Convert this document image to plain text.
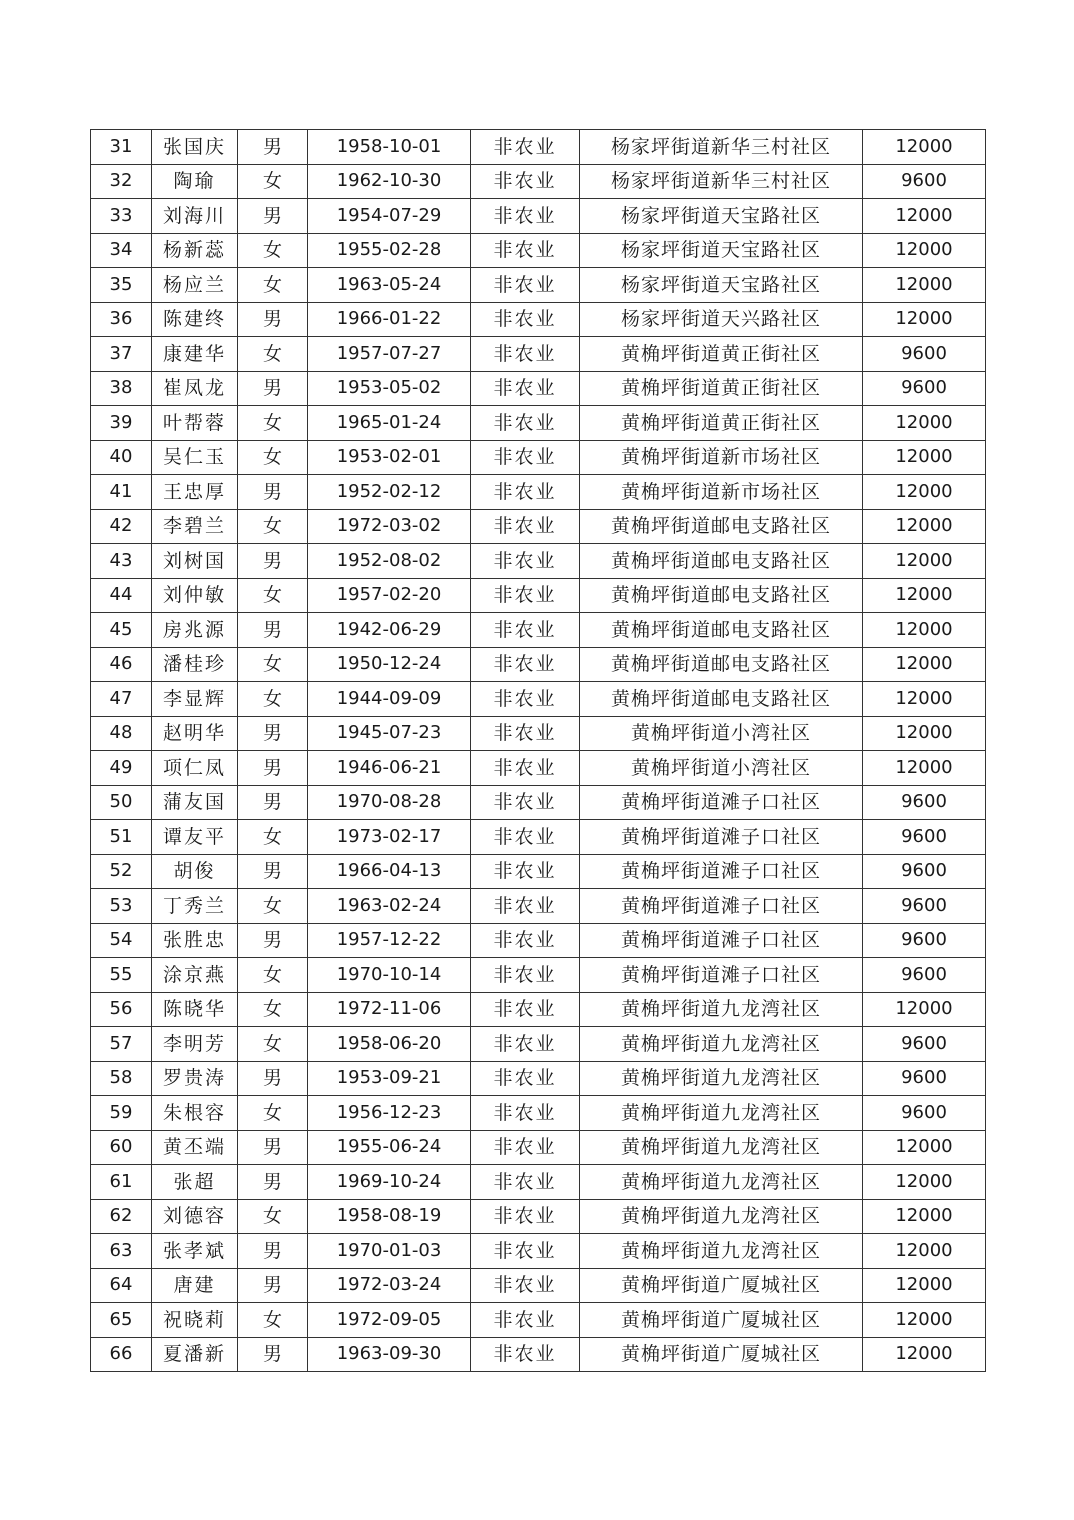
31	张国庆	男	1958-10-01	非农业	杨家坪街道新华三村社区	12000
32	陶瑜	女	1962-10-30	非农业	杨家坪街道新华三村社区	9600
33	刘海川	男	1954-07-29	非农业	杨家坪街道天宝路社区	12000
34	杨新蕊	女	1955-02-28	非农业	杨家坪街道天宝路社区	12000
35	杨应兰	女	1963-05-24	非农业	杨家坪街道天宝路社区	12000
36	陈建终	男	1966-01-22	非农业	杨家坪街道天兴路社区	12000
37	康建华	女	1957-07-27	非农业	黄桷坪街道黄正街社区	9600
38	崔凤龙	男	1953-05-02	非农业	黄桷坪街道黄正街社区	9600
39	叶帮蓉	女	1965-01-24	非农业	黄桷坪街道黄正街社区	12000
40	吴仁玉	女	1953-02-01	非农业	黄桷坪街道新市场社区	12000
41	王忠厚	男	1952-02-12	非农业	黄桷坪街道新市场社区	12000
42	李碧兰	女	1972-03-02	非农业	黄桷坪街道邮电支路社区	12000
43	刘树国	男	1952-08-02	非农业	黄桷坪街道邮电支路社区	12000
44	刘仲敏	女	1957-02-20	非农业	黄桷坪街道邮电支路社区	12000
45	房兆源	男	1942-06-29	非农业	黄桷坪街道邮电支路社区	12000
46	潘桂珍	女	1950-12-24	非农业	黄桷坪街道邮电支路社区	12000
47	李显辉	女	1944-09-09	非农业	黄桷坪街道邮电支路社区	12000
48	赵明华	男	1945-07-23	非农业	黄桷坪街道小湾社区	12000
49	项仁凤	男	1946-06-21	非农业	黄桷坪街道小湾社区	12000
50	蒲友国	男	1970-08-28	非农业	黄桷坪街道滩子口社区	9600
51	谭友平	女	1973-02-17	非农业	黄桷坪街道滩子口社区	9600
52	胡俊	男	1966-04-13	非农业	黄桷坪街道滩子口社区	9600
53	丁秀兰	女	1963-02-24	非农业	黄桷坪街道滩子口社区	9600
54	张胜忠	男	1957-12-22	非农业	黄桷坪街道滩子口社区	9600
55	涂京燕	女	1970-10-14	非农业	黄桷坪街道滩子口社区	9600
56	陈晓华	女	1972-11-06	非农业	黄桷坪街道九龙湾社区	12000
57	李明芳	女	1958-06-20	非农业	黄桷坪街道九龙湾社区	9600
58	罗贵涛	男	1953-09-21	非农业	黄桷坪街道九龙湾社区	9600
59	朱根容	女	1956-12-23	非农业	黄桷坪街道九龙湾社区	9600
60	黄丕端	男	1955-06-24	非农业	黄桷坪街道九龙湾社区	12000
61	张超	男	1969-10-24	非农业	黄桷坪街道九龙湾社区	12000
62	刘德容	女	1958-08-19	非农业	黄桷坪街道九龙湾社区	12000
63	张孝斌	男	1970-01-03	非农业	黄桷坪街道九龙湾社区	12000
64	唐建	男	1972-03-24	非农业	黄桷坪街道广厦城社区	12000
65	祝晓莉	女	1972-09-05	非农业	黄桷坪街道广厦城社区	12000
66	夏潘新	男	1963-09-30	非农业	黄桷坪街道广厦城社区	12000
